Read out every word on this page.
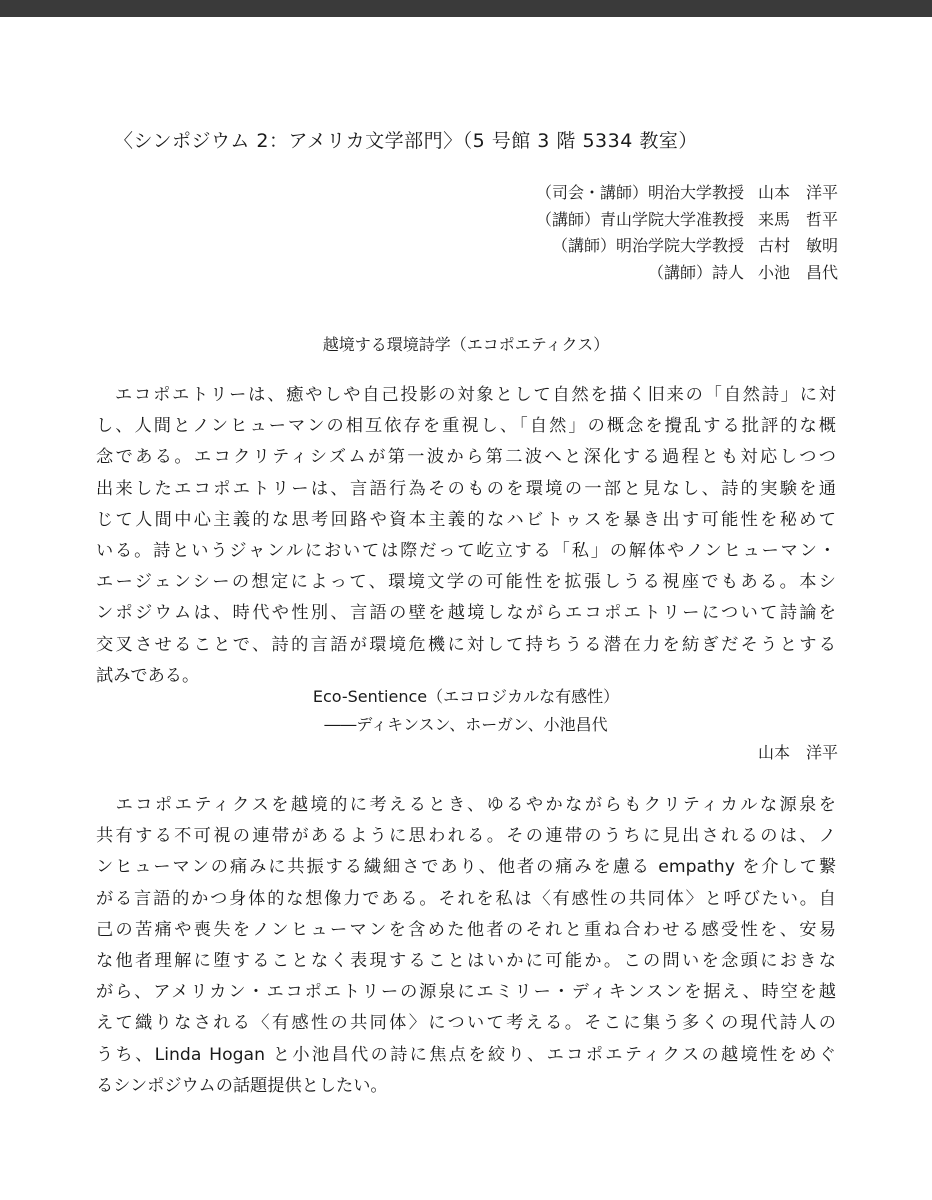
〈シンポジウム 2：アメリカ文学部門〉（5 号館 3 階 5334 教室）
（司会・講師）明治大学教授 山本　洋平
（講師）青山学院大学准教授 来馬　哲平
（講師）明治学院大学教授 古村　敏明
（講師）詩人 小池　昌代
越境する環境詩学（エコポエティクス）
　エコポエトリーは、癒やしや自己投影の対象として自然を描く旧来の「自然詩」に対
し、人間とノンヒューマンの相互依存を重視し、「自然」の概念を攪乱する批評的な概
念である。エコクリティシズムが第一波から第二波へと深化する過程とも対応しつつ
出来したエコポエトリーは、言語行為そのものを環境の一部と見なし、詩的実験を通
じて人間中心主義的な思考回路や資本主義的なハビトゥスを暴き出す可能性を秘めて
いる。詩というジャンルにおいては際だって屹立する「私」の解体やノンヒューマン・
エージェンシーの想定によって、環境文学の可能性を拡張しうる視座でもある。本シ
ンポジウムは、時代や性別、言語の壁を越境しながらエコポエトリーについて詩論を
交叉させることで、詩的言語が環境危機に対して持ちうる潜在力を紡ぎだそうとする
試みである。
Eco-Sentience（エコロジカルな有感性）
――ディキンスン、ホーガン、小池昌代
山本　洋平
　エコポエティクスを越境的に考えるとき、ゆるやかながらもクリティカルな源泉を
共有する不可視の連帯があるように思われる。その連帯のうちに見出されるのは、ノ
ンヒューマンの痛みに共振する繊細さであり、他者の痛みを慮る empathy を介して繋
がる言語的かつ身体的な想像力である。それを私は〈有感性の共同体〉と呼びたい。自
己の苦痛や喪失をノンヒューマンを含めた他者のそれと重ね合わせる感受性を、安易
な他者理解に堕することなく表現することはいかに可能か。この問いを念頭におきな
がら、アメリカン・エコポエトリーの源泉にエミリー・ディキンスンを据え、時空を越
えて織りなされる〈有感性の共同体〉について考える。そこに集う多くの現代詩人の
うち、Linda Hogan と小池昌代の詩に焦点を絞り、エコポエティクスの越境性をめぐ
るシンポジウムの話題提供としたい。
